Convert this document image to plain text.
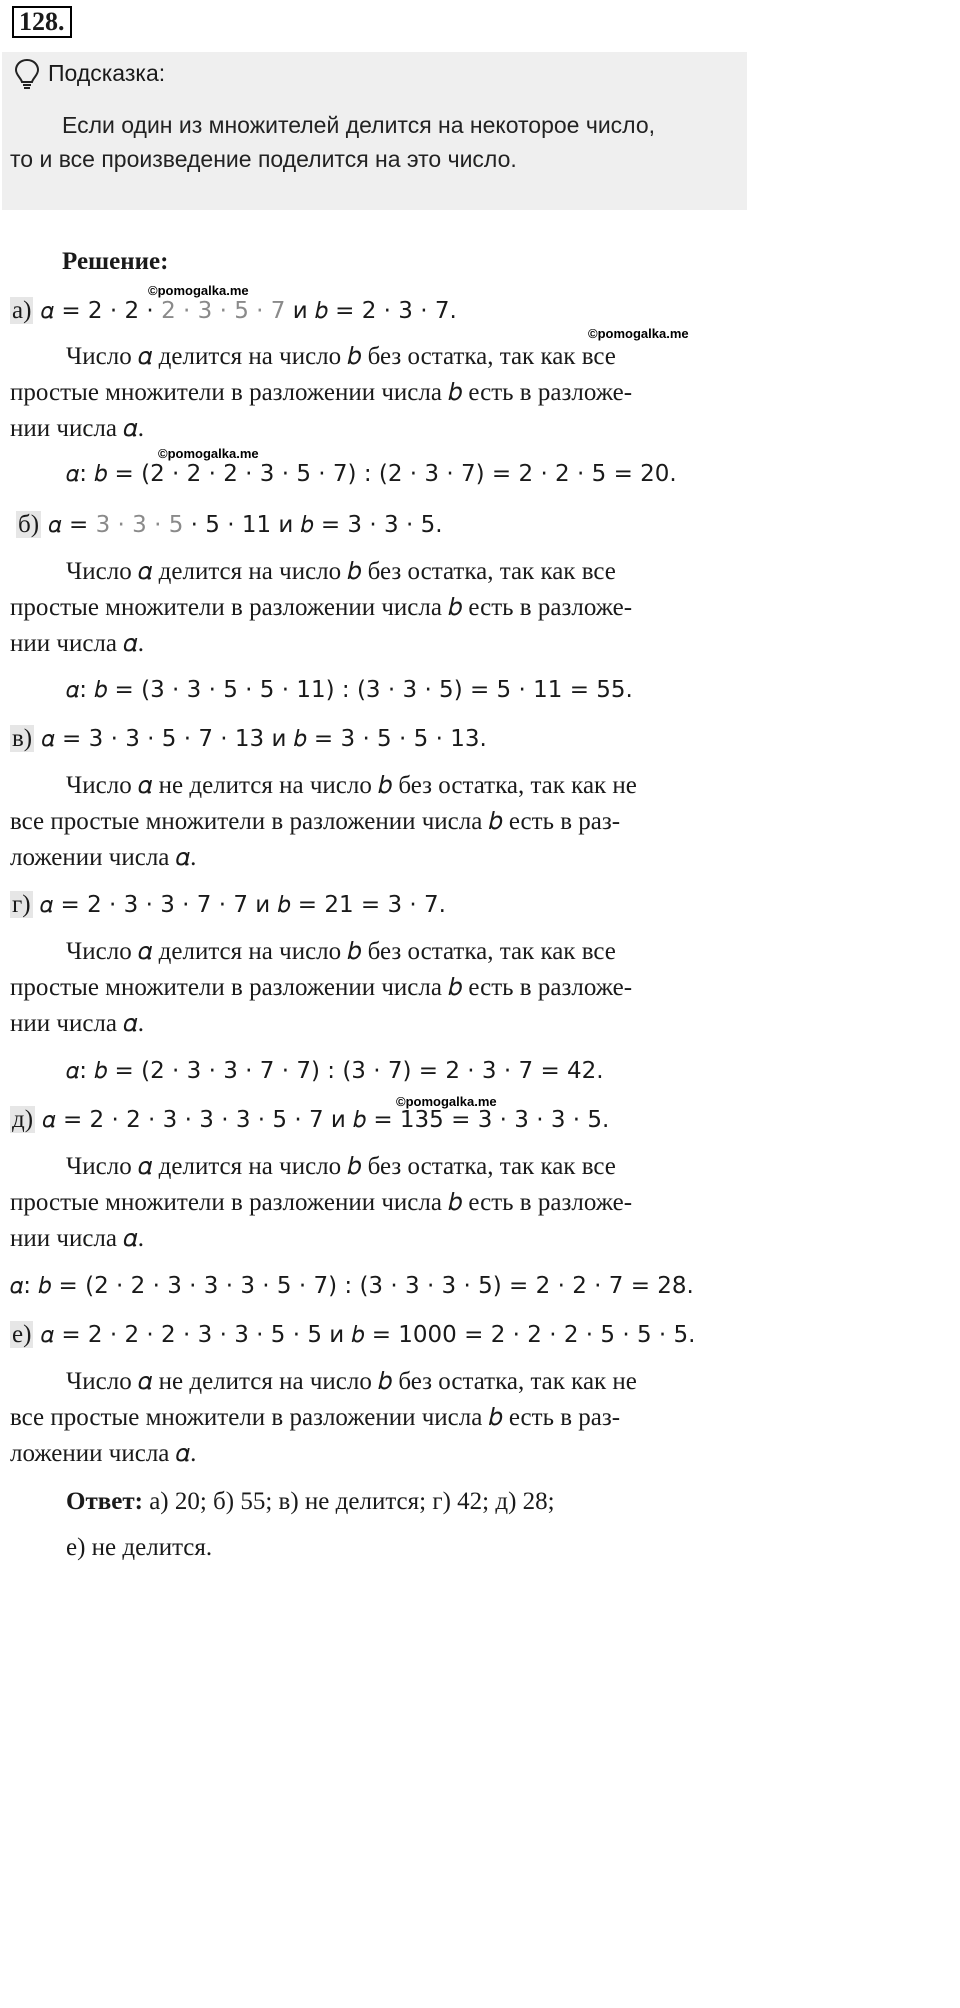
128.
Подсказка:
Если один из множителей делится на некоторое число,
то и все произведение поделится на это число.
Решение:
©pomogalka.me
а) 𝛼 = 2 · 2 · 2 · 3 · 5 · 7 и 𝑏 = 2 · 3 · 7.
©pomogalka.me
Число 𝛼 делится на число 𝑏 без остатка, так как все
простые множители в разложении числа 𝑏 есть в разложе-
нии числа 𝛼.
©pomogalka.me
𝛼: 𝑏 = (2 · 2 · 2 · 3 · 5 · 7) : (2 · 3 · 7) = 2 · 2 · 5 = 20.
б) 𝛼 = 3 · 3 · 5 · 5 · 11 и 𝑏 = 3 · 3 · 5.
Число 𝛼 делится на число 𝑏 без остатка, так как все
простые множители в разложении числа 𝑏 есть в разложе-
нии числа 𝛼.
𝛼: 𝑏 = (3 · 3 · 5 · 5 · 11) : (3 · 3 · 5) = 5 · 11 = 55.
в) 𝛼 = 3 · 3 · 5 · 7 · 13 и 𝑏 = 3 · 5 · 5 · 13.
Число 𝛼 не делится на число 𝑏 без остатка, так как не
все простые множители в разложении числа 𝑏 есть в раз-
ложении числа 𝛼.
г) 𝛼 = 2 · 3 · 3 · 7 · 7 и 𝑏 = 21 = 3 · 7.
Число 𝛼 делится на число 𝑏 без остатка, так как все
простые множители в разложении числа 𝑏 есть в разложе-
нии числа 𝛼.
𝛼: 𝑏 = (2 · 3 · 3 · 7 · 7) : (3 · 7) = 2 · 3 · 7 = 42.
©pomogalka.me
д) 𝛼 = 2 · 2 · 3 · 3 · 3 · 5 · 7 и 𝑏 = 135 = 3 · 3 · 3 · 5.
Число 𝛼 делится на число 𝑏 без остатка, так как все
простые множители в разложении числа 𝑏 есть в разложе-
нии числа 𝛼.
𝛼: 𝑏 = (2 · 2 · 3 · 3 · 3 · 5 · 7) : (3 · 3 · 3 · 5) = 2 · 2 · 7 = 28.
е) 𝛼 = 2 · 2 · 2 · 3 · 3 · 5 · 5 и 𝑏 = 1000 = 2 · 2 · 2 · 5 · 5 · 5.
Число 𝛼 не делится на число 𝑏 без остатка, так как не
все простые множители в разложении числа 𝑏 есть в раз-
ложении числа 𝛼.
Ответ: а) 20; б) 55; в) не делится; г) 42; д) 28;
е) не делится.
